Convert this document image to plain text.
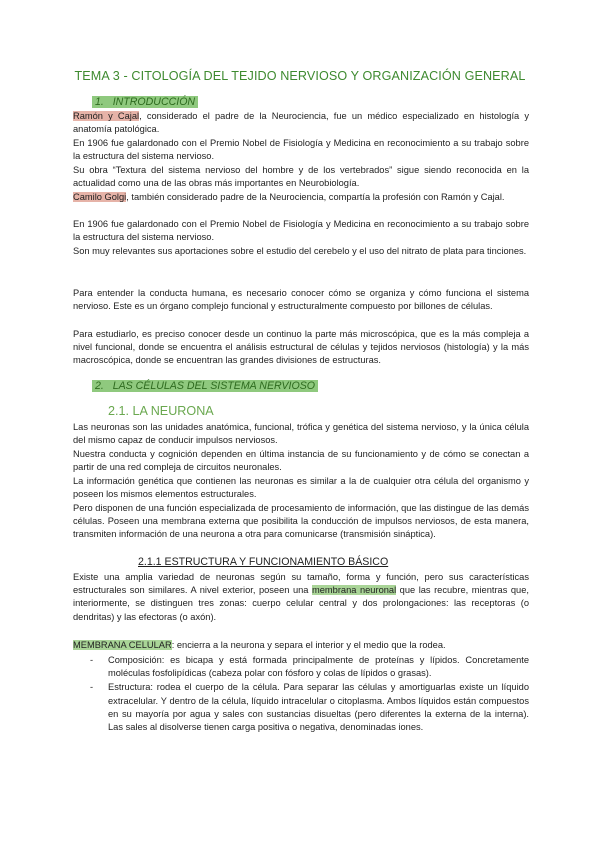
TEMA 3 - CITOLOGÍA DEL TEJIDO NERVIOSO Y ORGANIZACIÓN GENERAL
1. INTRODUCCIÓN

Ramón y Cajal, considerado el padre de la Neurociencia, fue un médico especializado en histología y anatomía patológica.

En 1906 fue galardonado con el Premio Nobel de Fisiología y Medicina en reconocimiento a su trabajo sobre la estructura del sistema nervioso.

Su obra “Textura del sistema nervioso del hombre y de los vertebrados” sigue siendo reconocida en la actualidad como una de las obras más importantes en Neurobiología.

Camilo Golgi, también considerado padre de la Neurociencia, compartía la profesión con Ramón y Cajal.

En 1906 fue galardonado con el Premio Nobel de Fisiología y Medicina en reconocimiento a su trabajo sobre la estructura del sistema nervioso.

Son muy relevantes sus aportaciones sobre el estudio del cerebelo y el uso del nitrato de plata para tinciones.

Para entender la conducta humana, es necesario conocer cómo se organiza y cómo funciona el sistema nervioso. Este es un órgano complejo funcional y estructuralmente compuesto por billones de células.

Para estudiarlo, es preciso conocer desde un continuo la parte más microscópica, que es la más compleja a nivel funcional, donde se encuentra el análisis estructural de células y tejidos nerviosos (histología) y la más macroscópica, donde se encuentran las grandes divisiones de estructuras.

2. LAS CÉLULAS DEL SISTEMA NERVIOSO
2.1. LA NEURONA

Las neuronas son las unidades anatómica, funcional, trófica y genética del sistema nervioso, y la única célula del mismo capaz de conducir impulsos nerviosos.

Nuestra conducta y cognición dependen en última instancia de su funcionamiento y de cómo se conectan a partir de una red compleja de circuitos neuronales.

La información genética que contienen las neuronas es similar a la de cualquier otra célula del organismo y poseen los mismos elementos estructurales.

Pero disponen de una función especializada de procesamiento de información, que las distingue de las demás células. Poseen una membrana externa que posibilita la conducción de impulsos nerviosos, de esta manera, transmiten información de una neurona a otra para comunicarse (transmisión sináptica).

2.1.1 ESTRUCTURA Y FUNCIONAMIENTO BÁSICO

Existe una amplia variedad de neuronas según su tamaño, forma y función, pero sus características estructurales son similares. A nivel exterior, poseen una membrana neuronal que las recubre, mientras que, interiormente, se distinguen tres zonas: cuerpo celular central y dos prolongaciones: las receptoras (o dendritas) y las efectoras (o axón).

MEMBRANA CELULAR: encierra a la neurona y separa el interior y el medio que la rodea.

- Composición: es bicapa y está formada principalmente de proteínas y lípidos. Concretamente moléculas fosfolipídicas (cabeza polar con fósforo y colas de lípidos o grasas).
- Estructura: rodea el cuerpo de la célula. Para separar las células y amortiguarlas existe un líquido extracelular. Y dentro de la célula, líquido intracelular o citoplasma. Ambos líquidos están compuestos en su mayoría por agua y sales con sustancias disueltas (pero diferentes la externa de la interna). Las sales al disolverse tienen carga positiva o negativa, denominadas iones.
